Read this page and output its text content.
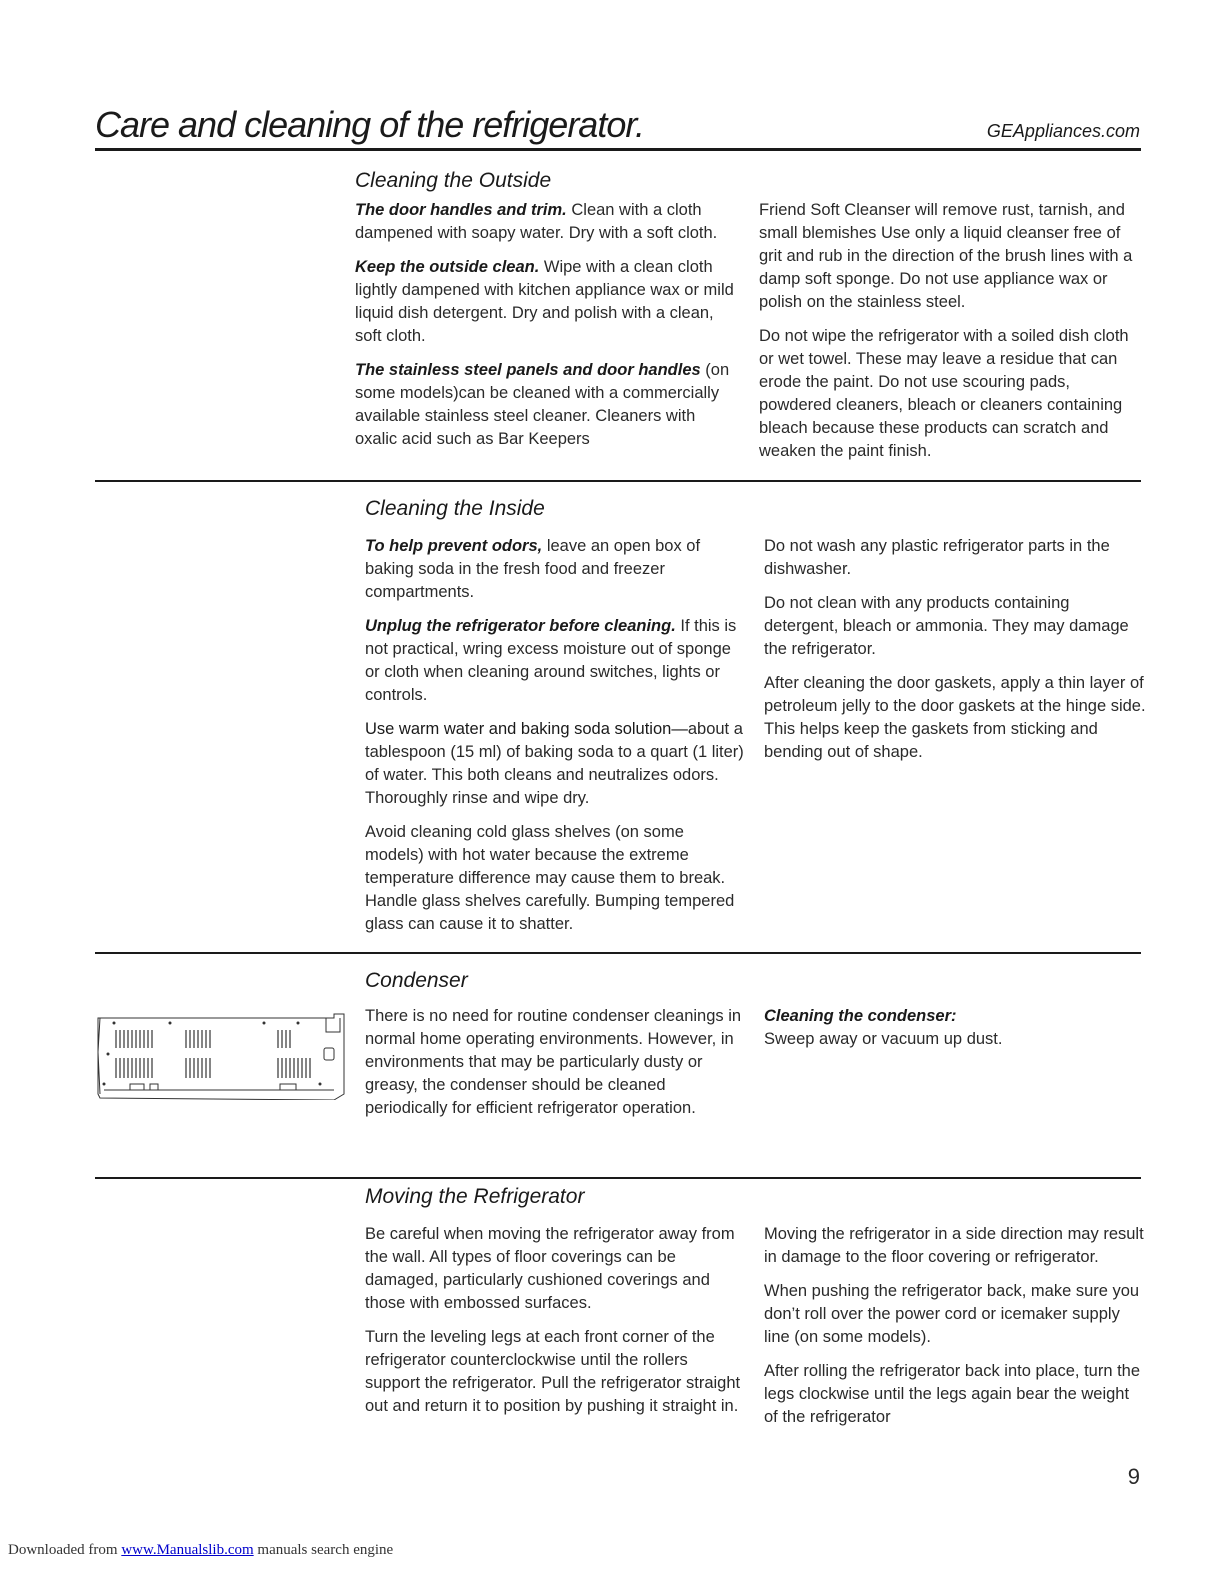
Care and cleaning of the refrigerator.	GEAppliances.com
Cleaning the Outside

The door handles and trim. Clean with a cloth dampened with soapy water. Dry with a soft cloth.

Keep the outside clean. Wipe with a clean cloth lightly dampened with kitchen appliance wax or mild liquid dish detergent. Dry and polish with a clean, soft cloth.

The stainless steel panels and door handles (on some models)can be cleaned with a commercially available stainless steel cleaner. Cleaners with oxalic acid such as Bar Keepers

Friend Soft Cleanser will remove rust, tarnish, and small blemishes Use only a liquid cleanser free of grit and rub in the direction of the brush lines with a damp soft sponge. Do not use appliance wax or polish on the stainless steel.

Do not wipe the refrigerator with a soiled dish cloth or wet towel. These may leave a residue that can erode the paint. Do not use scouring pads, powdered cleaners, bleach or cleaners containing bleach because these products can scratch and weaken the paint finish.

Cleaning the Inside

To help prevent odors, leave an open box of baking soda in the fresh food and freezer compartments.

Unplug the refrigerator before cleaning. If this is not practical, wring excess moisture out of sponge or cloth when cleaning around switches, lights or controls.

Use warm water and baking soda solution—about a tablespoon (15 ml) of baking soda to a quart (1 liter) of water. This both cleans and neutralizes odors. Thoroughly rinse and wipe dry.

Avoid cleaning cold glass shelves (on some models) with hot water because the extreme temperature difference may cause them to break. Handle glass shelves carefully. Bumping tempered glass can cause it to shatter.

Do not wash any plastic refrigerator parts in the dishwasher.

Do not clean with any products containing detergent, bleach or ammonia. They may damage the refrigerator.

After cleaning the door gaskets, apply a thin layer of petroleum jelly to the door gaskets at the hinge side. This helps keep the gaskets from sticking and bending out of shape.

Condenser

There is no need for routine condenser cleanings in normal home operating environments. However, in environments that may be particularly dusty or greasy, the condenser should be cleaned periodically for efficient refrigerator operation.

Cleaning the condenser:
Sweep away or vacuum up dust.

Moving the Refrigerator

Be careful when moving the refrigerator away from the wall. All types of floor coverings can be damaged, particularly cushioned coverings and those with embossed surfaces.

Turn the leveling legs at each front corner of the refrigerator counterclockwise until the rollers support the refrigerator. Pull the refrigerator straight out and return it to position by pushing it straight in.

Moving the refrigerator in a side direction may result in damage to the floor covering or refrigerator.

When pushing the refrigerator back, make sure you don’t roll over the power cord or icemaker supply line (on some models).

After rolling the refrigerator back into place, turn the legs clockwise until the legs again bear the weight of the refrigerator

9
Downloaded from www.Manualslib.com manuals search engine
